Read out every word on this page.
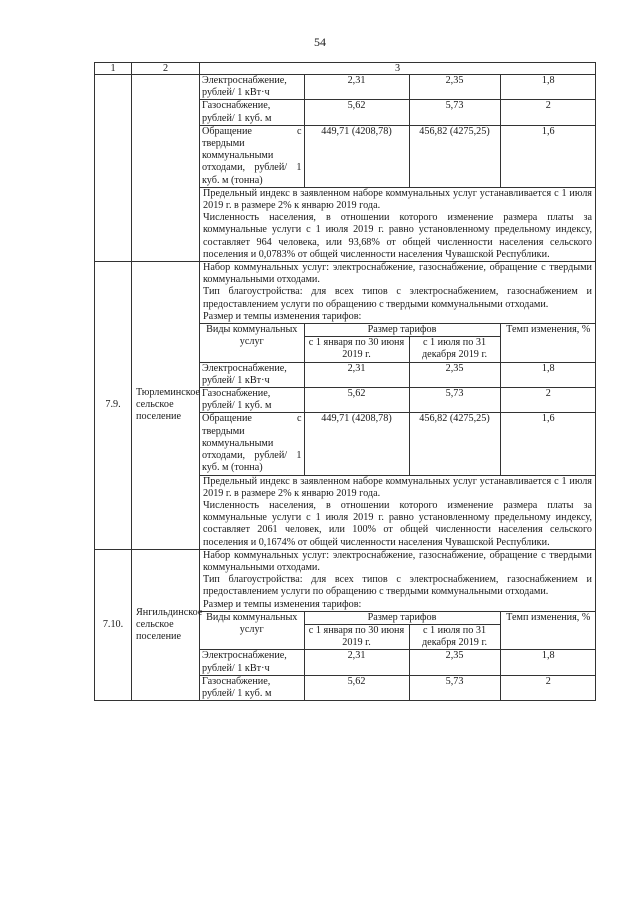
54
1	2	3

Электроснабжение, рублей/ 1 кВт·ч	2,31	2,35	1,8
Газоснабжение, рублей/ 1 куб. м	5,62	5,73	2
Обращение с твердыми коммунальными отходами, рублей/ 1 куб. м (тонна)	449,71 (4208,78)	456,82 (4275,25)	1,6
Предельный индекс в заявленном наборе коммунальных услуг устанавливается с 1 июля 2019 г. в размере 2% к январю 2019 года.
Численность населения, в отношении которого изменение размера платы за коммунальные услуги с 1 июля 2019 г. равно установленному предельному индексу, составляет 964 человека, или 93,68% от общей численности населения сельского поселения и 0,0783% от общей численности населения Чувашской Республики.

7.9.	Тюрлеминское сельское поселение	
Набор коммунальных услуг: электроснабжение, газоснабжение, обращение с твердыми коммунальными отходами.
Тип благоустройства: для всех типов с электроснабжением, газоснабжением и предоставлением услуги по обращению с твердыми коммунальными отходами.
Размер и темпы изменения тарифов:
Виды коммунальных услуг	Размер тарифов	Темп изменения, %
с 1 января по 30 июня 2019 г.	с 1 июля по 31 декабря 2019 г.
Электроснабжение, рублей/ 1 кВт·ч	2,31	2,35	1,8
Газоснабжение, рублей/ 1 куб. м	5,62	5,73	2
Обращение с твердыми коммунальными отходами, рублей/ 1 куб. м (тонна)	449,71 (4208,78)	456,82 (4275,25)	1,6
Предельный индекс в заявленном наборе коммунальных услуг устанавливается с 1 июля 2019 г. в размере 2% к январю 2019 года.
Численность населения, в отношении которого изменение размера платы за коммунальные услуги с 1 июля 2019 г. равно установленному предельному индексу, составляет 2061 человек, или 100% от общей численности населения сельского поселения и 0,1674% от общей численности населения Чувашской Республики.

7.10.	Янгильдинское сельское поселение	
Набор коммунальных услуг: электроснабжение, газоснабжение, обращение с твердыми коммунальными отходами.
Тип благоустройства: для всех типов с электроснабжением, газоснабжением и предоставлением услуги по обращению с твердыми коммунальными отходами.
Размер и темпы изменения тарифов:
Виды коммунальных услуг	Размер тарифов	Темп изменения, %
с 1 января по 30 июня 2019 г.	с 1 июля по 31 декабря 2019 г.
Электроснабжение, рублей/ 1 кВт·ч	2,31	2,35	1,8
Газоснабжение, рублей/ 1 куб. м	5,62	5,73	2
